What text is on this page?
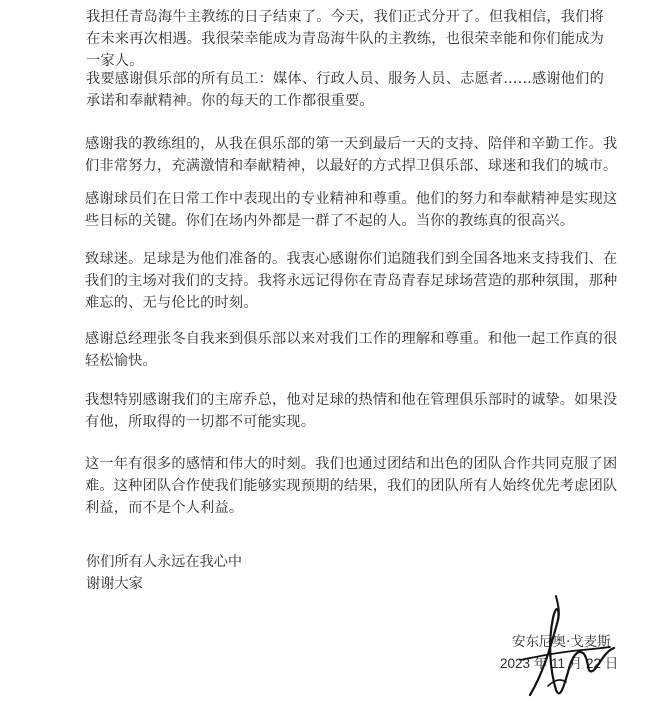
我担任青岛海牛主教练的日子结束了。今天，我们正式分开了。但我相信，我们将在未来再次相遇。我很荣幸能成为青岛海牛队的主教练，也很荣幸能和你们能成为一家人。

我要感谢俱乐部的所有员工：媒体、行政人员、服务人员、志愿者……感谢他们的承诺和奉献精神。你的每天的工作都很重要。

感谢我的教练组的，从我在俱乐部的第一天到最后一天的支持、陪伴和辛勤工作。我们非常努力，充满激情和奉献精神，以最好的方式捍卫俱乐部、球迷和我们的城市。

感谢球员们在日常工作中表现出的专业精神和尊重。他们的努力和奉献精神是实现这些目标的关键。你们在场内外都是一群了不起的人。当你的教练真的很高兴。

致球迷。足球是为他们准备的。我衷心感谢你们追随我们到全国各地来支持我们、在我们的主场对我们的支持。我将永远记得你在青岛青春足球场营造的那种氛围，那种难忘的、无与伦比的时刻。

感谢总经理张冬自我来到俱乐部以来对我们工作的理解和尊重。和他一起工作真的很轻松愉快。

我想特别感谢我们的主席乔总，他对足球的热情和他在管理俱乐部时的诚挚。如果没有他，所取得的一切都不可能实现。

这一年有很多的感情和伟大的时刻。我们也通过团结和出色的团队合作共同克服了困难。这种团队合作使我们能够实现预期的结果，我们的团队所有人始终优先考虑团队利益，而不是个人利益。

你们所有人永远在我心中

谢谢大家

安东尼奥·戈麦斯

2023 年 11 月 22 日
